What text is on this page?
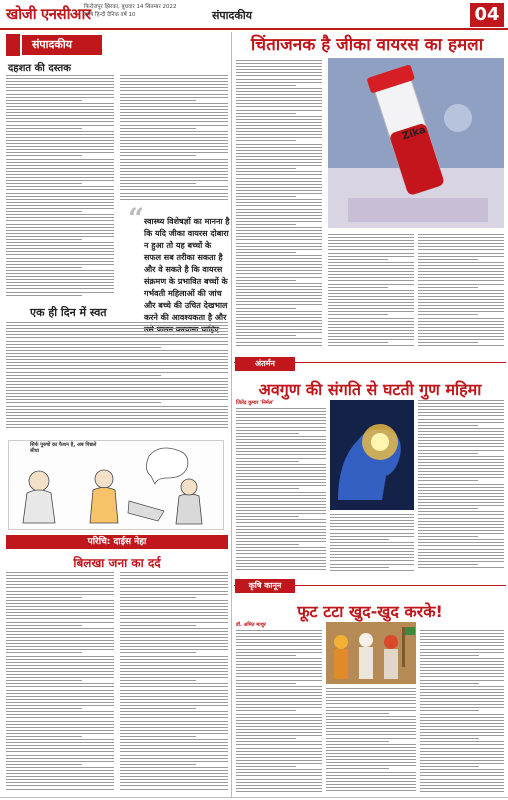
खोजी एनसीआर
फिरोजपुर झिरका, बुधवार 14 सितम्बर 2022
ऋषि हिन्दी दैनिक वर्ष 10	संपादकीय	04
संपादकीय
दहशत की दस्तक
“ स्वास्थ्य विशेषज्ञों का मानना है कि यदि जीका वायरस दोबारा न हुआ तो यह बच्चों के सफल सब तरीका सकता है और वे सकते है कि वायरस संक्रमण के प्रभावित बच्चों के गर्भवती महिलाओं की जांच और बच्चे की उचित देखभाल करने की आवश्यकता है और
एक ही दिन में स्वत
सिर्फ पुरुषों का फैशन है, अब पिछले सीधा
परिचि: दाईस नेहा
बिलखा जना का दर्द
चिंताजनक है जीका वायरस का हमला
Zika
अंतर्मन
अवगुण की संगति से घटती गुण महिमा
जितेंद्र कुमार 'निर्मल'
कृषि कानून
फूट टटा खुद-खुद करके!
डॉ. अमित माथुर
